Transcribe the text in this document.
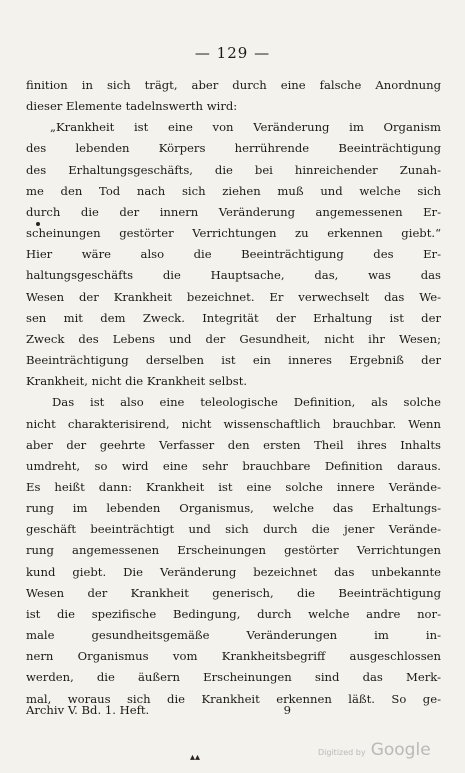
— 129 —
finition in sich trägt, aber durch eine falsche Anordnung
dieser Elemente tadelnswerth wird:
„Krankheit ist eine von Veränderung im Organism
des lebenden Körpers herrührende Beeinträchtigung
des Erhaltungsgeschäfts, die bei hinreichender Zunah-
me den Tod nach sich ziehen muß und welche sich
durch die der innern Veränderung angemessenen Er-
scheinungen gestörter Verrichtungen zu erkennen giebt.“
Hier wäre also die Beeinträchtigung des Er-
haltungsgeschäfts die Hauptsache, das, was das
Wesen der Krankheit bezeichnet. Er verwechselt das We-
sen mit dem Zweck. Integrität der Erhaltung ist der
Zweck des Lebens und der Gesundheit, nicht ihr Wesen;
Beeinträchtigung derselben ist ein inneres Ergebniß der
Krankheit, nicht die Krankheit selbst.
Das ist also eine teleologische Definition, als solche
nicht charakterisirend, nicht wissenschaftlich brauchbar. Wenn
aber der geehrte Verfasser den ersten Theil ihres Inhalts
umdreht, so wird eine sehr brauchbare Definition daraus.
Es heißt dann: Krankheit ist eine solche innere Verände-
rung im lebenden Organismus, welche das Erhaltungs-
geschäft beeinträchtigt und sich durch die jener Verände-
rung angemessenen Erscheinungen gestörter Verrichtungen
kund giebt. Die Veränderung bezeichnet das unbekannte
Wesen der Krankheit generisch, die Beeinträchtigung
ist die spezifische Bedingung, durch welche andre nor-
male gesundheitsgemäße Veränderungen im in-
nern Organismus vom Krankheitsbegriff ausgeschlossen
werden, die äußern Erscheinungen sind das Merk-
mal, woraus sich die Krankheit erkennen läßt. So ge-
Archiv V. Bd. 1. Heft.	9
▴▴	Digitized by Google
